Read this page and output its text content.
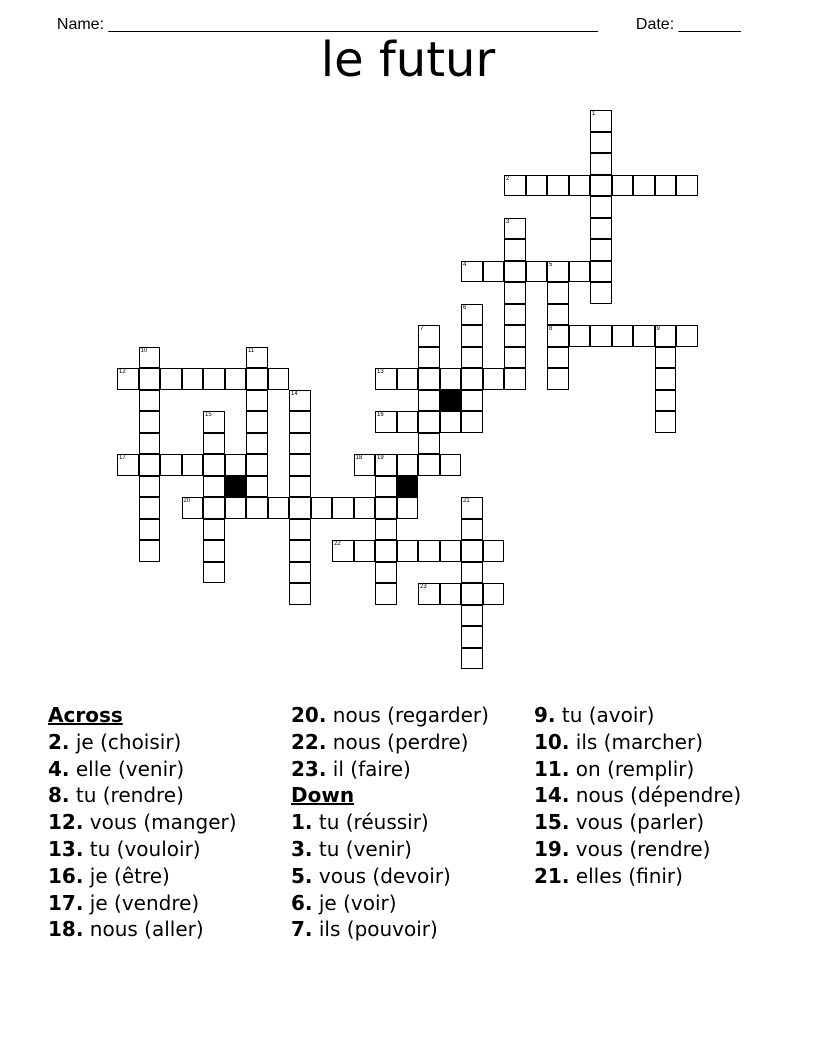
Name: _______________________________________________________	Date: _______

le futur
1
2
3
4	5
8
6
7	9
10	11
12	13
14
15	16
17	18 19
20	21
22
23
Across
2. je (choisir)
4. elle (venir)
8. tu (rendre)
12. vous (manger)
13. tu (vouloir)
16. je (être)
17. je (vendre)
18. nous (aller)
20. nous (regarder)
22. nous (perdre)
23. il (faire)
Down
1. tu (réussir)
3. tu (venir)
5. vous (devoir)
6. je (voir)
7. ils (pouvoir)
9. tu (avoir)
10. ils (marcher)
11. on (remplir)
14. nous (dépendre)
15. vous (parler)
19. vous (rendre)
21. elles (finir)
